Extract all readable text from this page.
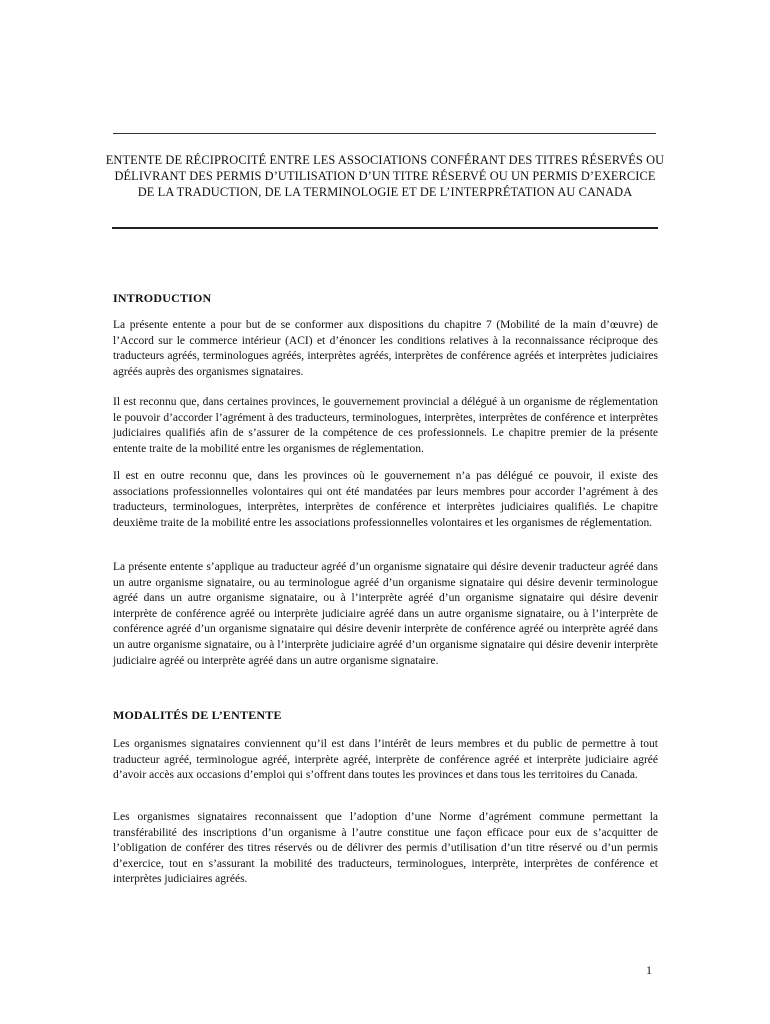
ENTENTE DE RÉCIPROCITÉ ENTRE LES ASSOCIATIONS CONFÉRANT DES TITRES RÉSERVÉS OU DÉLIVRANT DES PERMIS D’UTILISATION D’UN TITRE RÉSERVÉ OU UN PERMIS D’EXERCICE DE LA TRADUCTION, DE LA TERMINOLOGIE ET DE L’INTERPRÉTATION AU CANADA
INTRODUCTION

La présente entente a pour but de se conformer aux dispositions du chapitre 7 (Mobilité de la main d’œuvre) de l’Accord sur le commerce intérieur (ACI) et d’énoncer les conditions relatives à la reconnaissance réciproque des traducteurs agréés, terminologues agréés, interprètes agréés, interprètes de conférence agréés et interprètes judiciaires agréés auprès des organismes signataires.

Il est reconnu que, dans certaines provinces, le gouvernement provincial a délégué à un organisme de réglementation le pouvoir d’accorder l’agrément à des traducteurs, terminologues, interprètes, interprètes de conférence et interprètes judiciaires qualifiés afin de s’assurer de la compétence de ces professionnels. Le chapitre premier de la présente entente traite de la mobilité entre les organismes de réglementation.

Il est en outre reconnu que, dans les provinces où le gouvernement n’a pas délégué ce pouvoir, il existe des associations professionnelles volontaires qui ont été mandatées par leurs membres pour accorder l’agrément à des traducteurs, terminologues, interprètes, interprètes de conférence et interprètes judiciaires qualifiés. Le chapitre deuxième traite de la mobilité entre les associations professionnelles volontaires et les organismes de réglementation.

La présente entente s’applique au traducteur agréé d’un organisme signataire qui désire devenir traducteur agréé dans un autre organisme signataire, ou au terminologue agréé d’un organisme signataire qui désire devenir terminologue agréé dans un autre organisme signataire, ou à l’interprète agréé d’un organisme signataire qui désire devenir interprète de conférence agréé ou interprète judiciaire agréé dans un autre organisme signataire, ou à l’interprète de conférence agréé d’un organisme signataire qui désire devenir interprète de conférence agréé ou interprète agréé dans un autre organisme signataire, ou à l’interprète judiciaire agréé d’un organisme signataire qui désire devenir interprète judiciaire agréé ou interprète agréé dans un autre organisme signataire.

MODALITÉS DE L’ENTENTE

Les organismes signataires conviennent qu’il est dans l’intérêt de leurs membres et du public de permettre à tout traducteur agréé, terminologue agréé, interprète agréé, interprète de conférence agréé et interprète judiciaire agréé d’avoir accès aux occasions d’emploi qui s’offrent dans toutes les provinces et dans tous les territoires du Canada.

Les organismes signataires reconnaissent que l’adoption d’une Norme d’agrément commune permettant la transférabilité des inscriptions d’un organisme à l’autre constitue une façon efficace pour eux de s’acquitter de l’obligation de conférer des titres réservés ou de délivrer des permis d’utilisation d’un titre réservé ou d’un permis d’exercice, tout en s’assurant la mobilité des traducteurs, terminologues, interprète, interprètes de conférence et interprètes judiciaires agréés.

1
